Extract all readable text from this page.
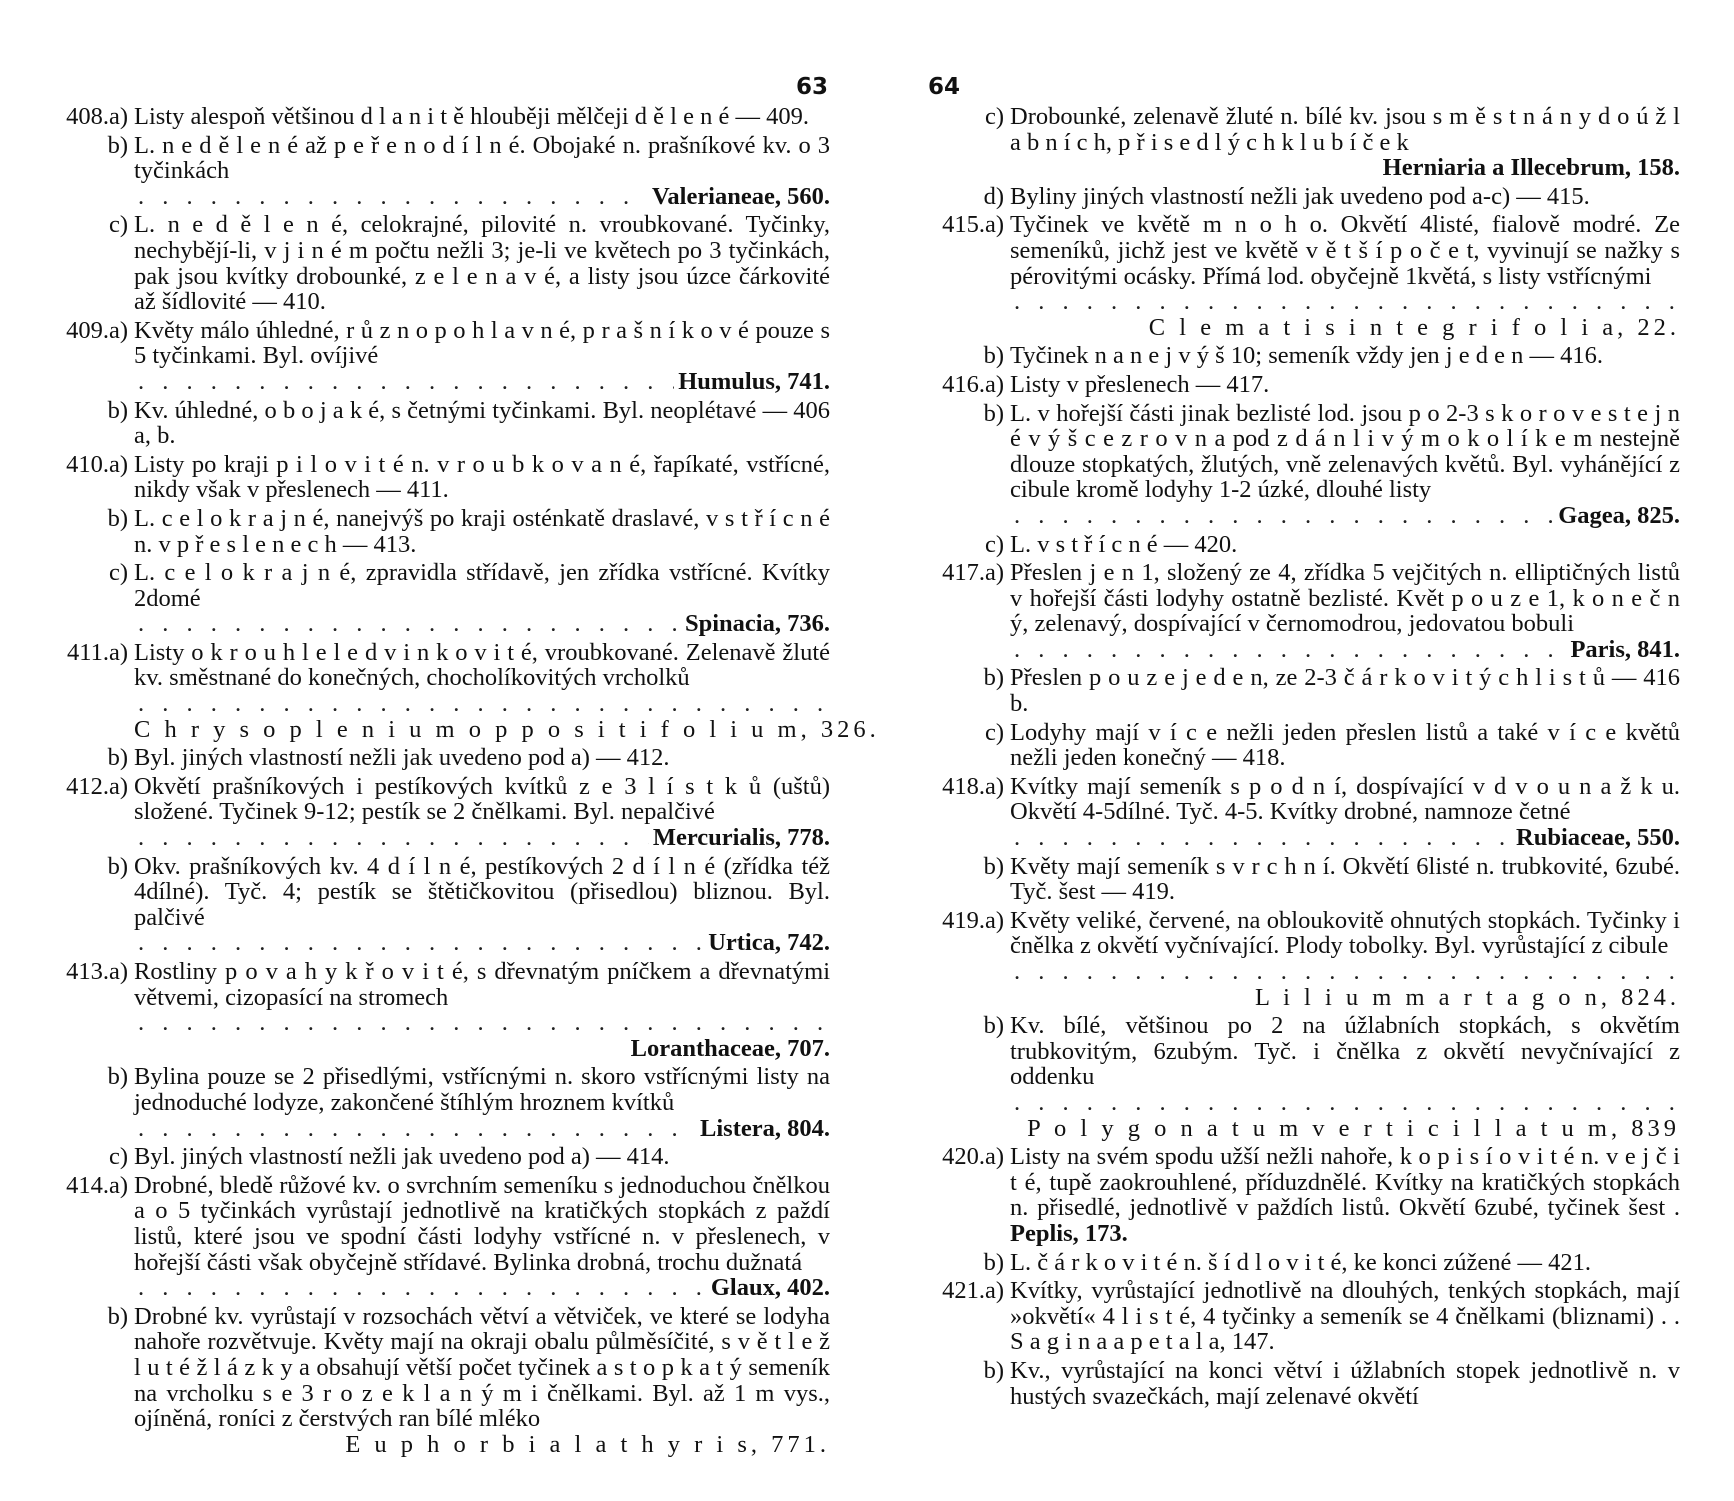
63
408.a) Listy alespoň většinou d l a n i t ě hlouběji mělčeji d ě l e n é — 409.
b) L. n e d ě l e n é až p e ř e n o d í l n é. Obojaké n. prašníkové kv. o 3 tyčinkách
. . .
Valerianeae, 560.
c) L. n e d ě l e n é, celokrajné, pilovité n. vroubkované. Tyčinky, nechybějí-li, v j i n é m počtu nežli 3; je-li ve květech po 3 tyčinkách, pak jsou kvítky drobounké, z e l e n a v é, a listy jsou úzce čárkovité až šídlovité — 410.
409.a) Květy málo úhledné, r ů z n o p o h l a v n é, p r a š n í k o v é pouze s 5 tyčinkami. Byl. ovíjivé
. . .
Humulus, 741.
b) Kv. úhledné, o b o j a k é, s četnými tyčinkami. Byl. neoplétavé — 406 a, b.
410.a) Listy po kraji p i l o v i t é n. v r o u b k o v a n é, řapíkaté, vstřícné, nikdy však v přeslenech — 411.
b) L. c e l o k r a j n é, nanejvýš po kraji osténkatě draslavé, v s t ř í c n é n. v p ř e s l e n e c h — 413.
c) L. c e l o k r a j n é, zpravidla střídavě, jen zřídka vstřícné. Kvítky 2domé
. . .
Spinacia, 736.
411.a) Listy o k r o u h l e l e d v i n k o v i t é, vroubkované. Zelenavě žluté kv. směstnané do konečných, chocholíkovitých vrcholků
. . .
C h r y s o p l e n i u m o p p o s i t i f o l i u m, 326.
b) Byl. jiných vlastností nežli jak uvedeno pod a) — 412.
412.a) Okvětí prašníkových i pestíkových kvítků z e 3 l í s t k ů (uštů) složené. Tyčinek 9-12; pestík se 2 čnělkami. Byl. nepalčivé
. . .
Mercurialis, 778.
b) Okv. prašníkových kv. 4 d í l n é, pestíkových 2 d í l n é (zřídka též 4dílné). Tyč. 4; pestík se štětičkovitou (přisedlou) bliznou. Byl. palčivé
. . .
Urtica, 742.
413.a) Rostliny p o v a h y k ř o v i t é, s dřevnatým pníčkem a dřevnatými větvemi, cizopasící na stromech
. . .
Loranthaceae, 707.
b) Bylina pouze se 2 přisedlými, vstřícnými n. skoro vstřícnými listy na jednoduché lodyze, zakončené štíhlým hroznem kvítků
. . .
Listera, 804.
c) Byl. jiných vlastností nežli jak uvedeno pod a) — 414.
414.a) Drobné, bledě růžové kv. o svrchním semeníku s jednoduchou čnělkou a o 5 tyčinkách vyrůstají jednotlivě na kratičkých stopkách z paždí listů, které jsou ve spodní části lodyhy vstřícné n. v přeslenech, v hořejší části však obyčejně střídavé. Bylinka drobná, trochu dužnatá
. . .
Glaux, 402.
b) Drobné kv. vyrůstají v rozsochách větví a větviček, ve které se lodyha nahoře rozvětvuje. Květy mají na okraji obalu půlměsíčité, s v ě t l e ž l u t é ž l á z k y a obsahují větší počet tyčinek a s t o p k a t ý semeník na vrcholku s e 3 r o z e k l a n ý m i čnělkami. Byl. až 1 m vys., ojíněná, roníci z čerstvých ran bílé mléko
E u p h o r b i a l a t h y r i s, 771.
64
c) Drobounké, zelenavě žluté n. bílé kv. jsou s m ě s t n á n y d o ú ž l a b n í c h, p ř i s e d l ý c h k l u b í č e k
Herniaria a Illecebrum, 158.
d) Byliny jiných vlastností nežli jak uvedeno pod a-c) — 415.
415.a) Tyčinek ve květě m n o h o. Okvětí 4listé, fialově modré. Ze semeníků, jichž jest ve květě v ě t š í p o č e t, vyvinují se nažky s pérovitými ocásky. Přímá lod. obyčejně 1květá, s listy vstřícnými
. . .
C l e m a t i s i n t e g r i f o l i a, 22.
b) Tyčinek n a n e j v ý š 10; semeník vždy jen j e d e n — 416.
416.a) Listy v přeslenech — 417.
b) L. v hořejší části jinak bezlisté lod. jsou p o 2-3 s k o r o v e s t e j n é v ý š c e z r o v n a pod z d á n l i v ý m o k o l í k e m nestejně dlouze stopkatých, žlutých, vně zelenavých květů. Byl. vyhánějící z cibule kromě lodyhy 1-2 úzké, dlouhé listy
. . .
Gagea, 825.
c) L. v s t ř í c n é — 420.
417.a) Přeslen j e n 1, složený ze 4, zřídka 5 vejčitých n. elliptičných listů v hořejší části lodyhy ostatně bezlisté. Květ p o u z e 1, k o n e č n ý, zelenavý, dospívající v černomodrou, jedovatou bobuli
. . .
Paris, 841.
b) Přeslen p o u z e j e d e n, ze 2-3 č á r k o v i t ý c h l i s t ů — 416 b.
c) Lodyhy mají v í c e nežli jeden přeslen listů a také v í c e květů nežli jeden konečný — 418.
418.a) Kvítky mají semeník s p o d n í, dospívající v d v o u n a ž k u. Okvětí 4-5dílné. Tyč. 4-5. Kvítky drobné, namnoze četné
. . .
Rubiaceae, 550.
b) Květy mají semeník s v r c h n í. Okvětí 6listé n. trubkovité, 6zubé. Tyč. šest — 419.
419.a) Květy veliké, červené, na obloukovitě ohnutých stopkách. Tyčinky i čnělka z okvětí vyčnívající. Plody tobolky. Byl. vyrůstající z cibule
. . .
L i l i u m m a r t a g o n, 824.
b) Kv. bílé, většinou po 2 na úžlabních stopkách, s okvětím trubkovitým, 6zubým. Tyč. i čnělka z okvětí nevyčnívající z oddenku
. . .
P o l y g o n a t u m v e r t i c i l l a t u m, 839
420.a) Listy na svém spodu užší nežli nahoře, k o p i s í o v i t é n. v e j č i t é, tupě zaokrouhlené, příduzdnělé. Kvítky na kratičkých stopkách n. přisedlé, jednotlivě v paždích listů. Okvětí 6zubé, tyčinek šest . Peplis, 173.
b) L. č á r k o v i t é n. š í d l o v i t é, ke konci zúžené — 421.
421.a) Kvítky, vyrůstající jednotlivě na dlouhých, tenkých stopkách, mají »okvětí« 4 l i s t é, 4 tyčinky a semeník se 4 čnělkami (bliznami) . . S a g i n a a p e t a l a, 147.
b) Kv., vyrůstající na konci větví i úžlabních stopek jednotlivě n. v hustých svazečkách, mají zelenavé okvětí
